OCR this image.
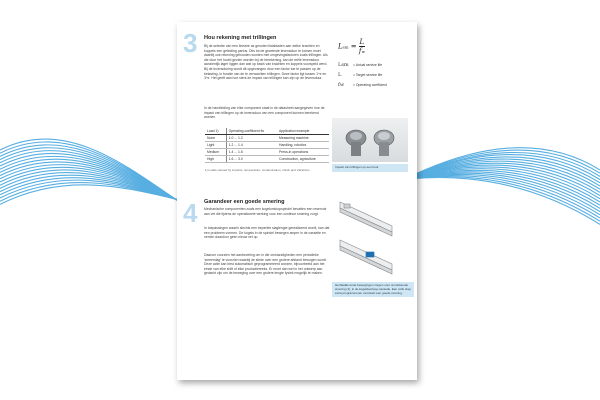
3 Hou rekening met trillingen

Bij de selectie van een lineaire as genoten listabladen aan welke krachten en koppels een geleiding partus. Dits tot de gewenste levensduur te komen moet daarbij ook rekening gehouden worden met omgevingsfactoren zoals trillingen. Als die door het hoofd gezien worden bij de berekening, kan de reële levensduur aanzienlijk lager liggen dan wat op basis van krachten en koppels voorspeld werd. Bij de levensduring wordt dit opgevangen door een factor toe te passen op de belasting, in functie van de te verwachten trillingen. Deze factor ligt tussen 1^e en 3^e. Het geeft aan hoe sterk de impact van trillingen kan zijn op de levensduur.

In de handleiding van elke component staat in de datasheet aangegeven hoe de impact van trillingen op de levensduur van een component kunnen berekend worden.

Load 1)	Operating coefficient fw	Application example
None	1.0 ... 1.2	Measuring machine
Light	1.2 ... 1.4	Handling, robotics
Medium	1.4 ... 1.6	Press-in operations
High	1.6 ... 3.0	Construction, agriculture
1) Loads caused by impacts, temperature, contamination, shock and vibrations
Lsm = $\frac{L}{fw}$
Lsm = Actual service life
L	= Target service life
fw	= Operating coefficient
Impact van trillingen op een bout
4 Garandeer een goede smering

Mechanische componenten zoals een kogelomloopspindel bevatten een reservoir aan vet die tijdens de operationele werking voor een continue smering zorgt.

In toepassingen waarin slechts een beperkte slaglengte gerealiseerd wordt, kan dat een probleem vormen. De kogels in de spindel bewegen amper in de cassette en nemen daardoor geen nieuw vet op.

Daarom voorzien het aanbeveling om in die omstandigheden een periodieke 'smeerslag' te voorzien waarbij de slede over een grotere afstand bewogen wordt. Deze actie kan best automatisch geprogrammeerd worden, bijvoorbeeld aan het einde van elke shift of elke productiereeks. Er moet dan wel in het ontwerp aan gedacht zijn om de beweging over een grotere lengte fysiek mogelijk te maken.

Herhaalde korte bewegingen zorgen voor onvoldoende smering (1), in de kogeldoorloop-cassette. Een volle slag extra programmeren verzekert een goede smering.
